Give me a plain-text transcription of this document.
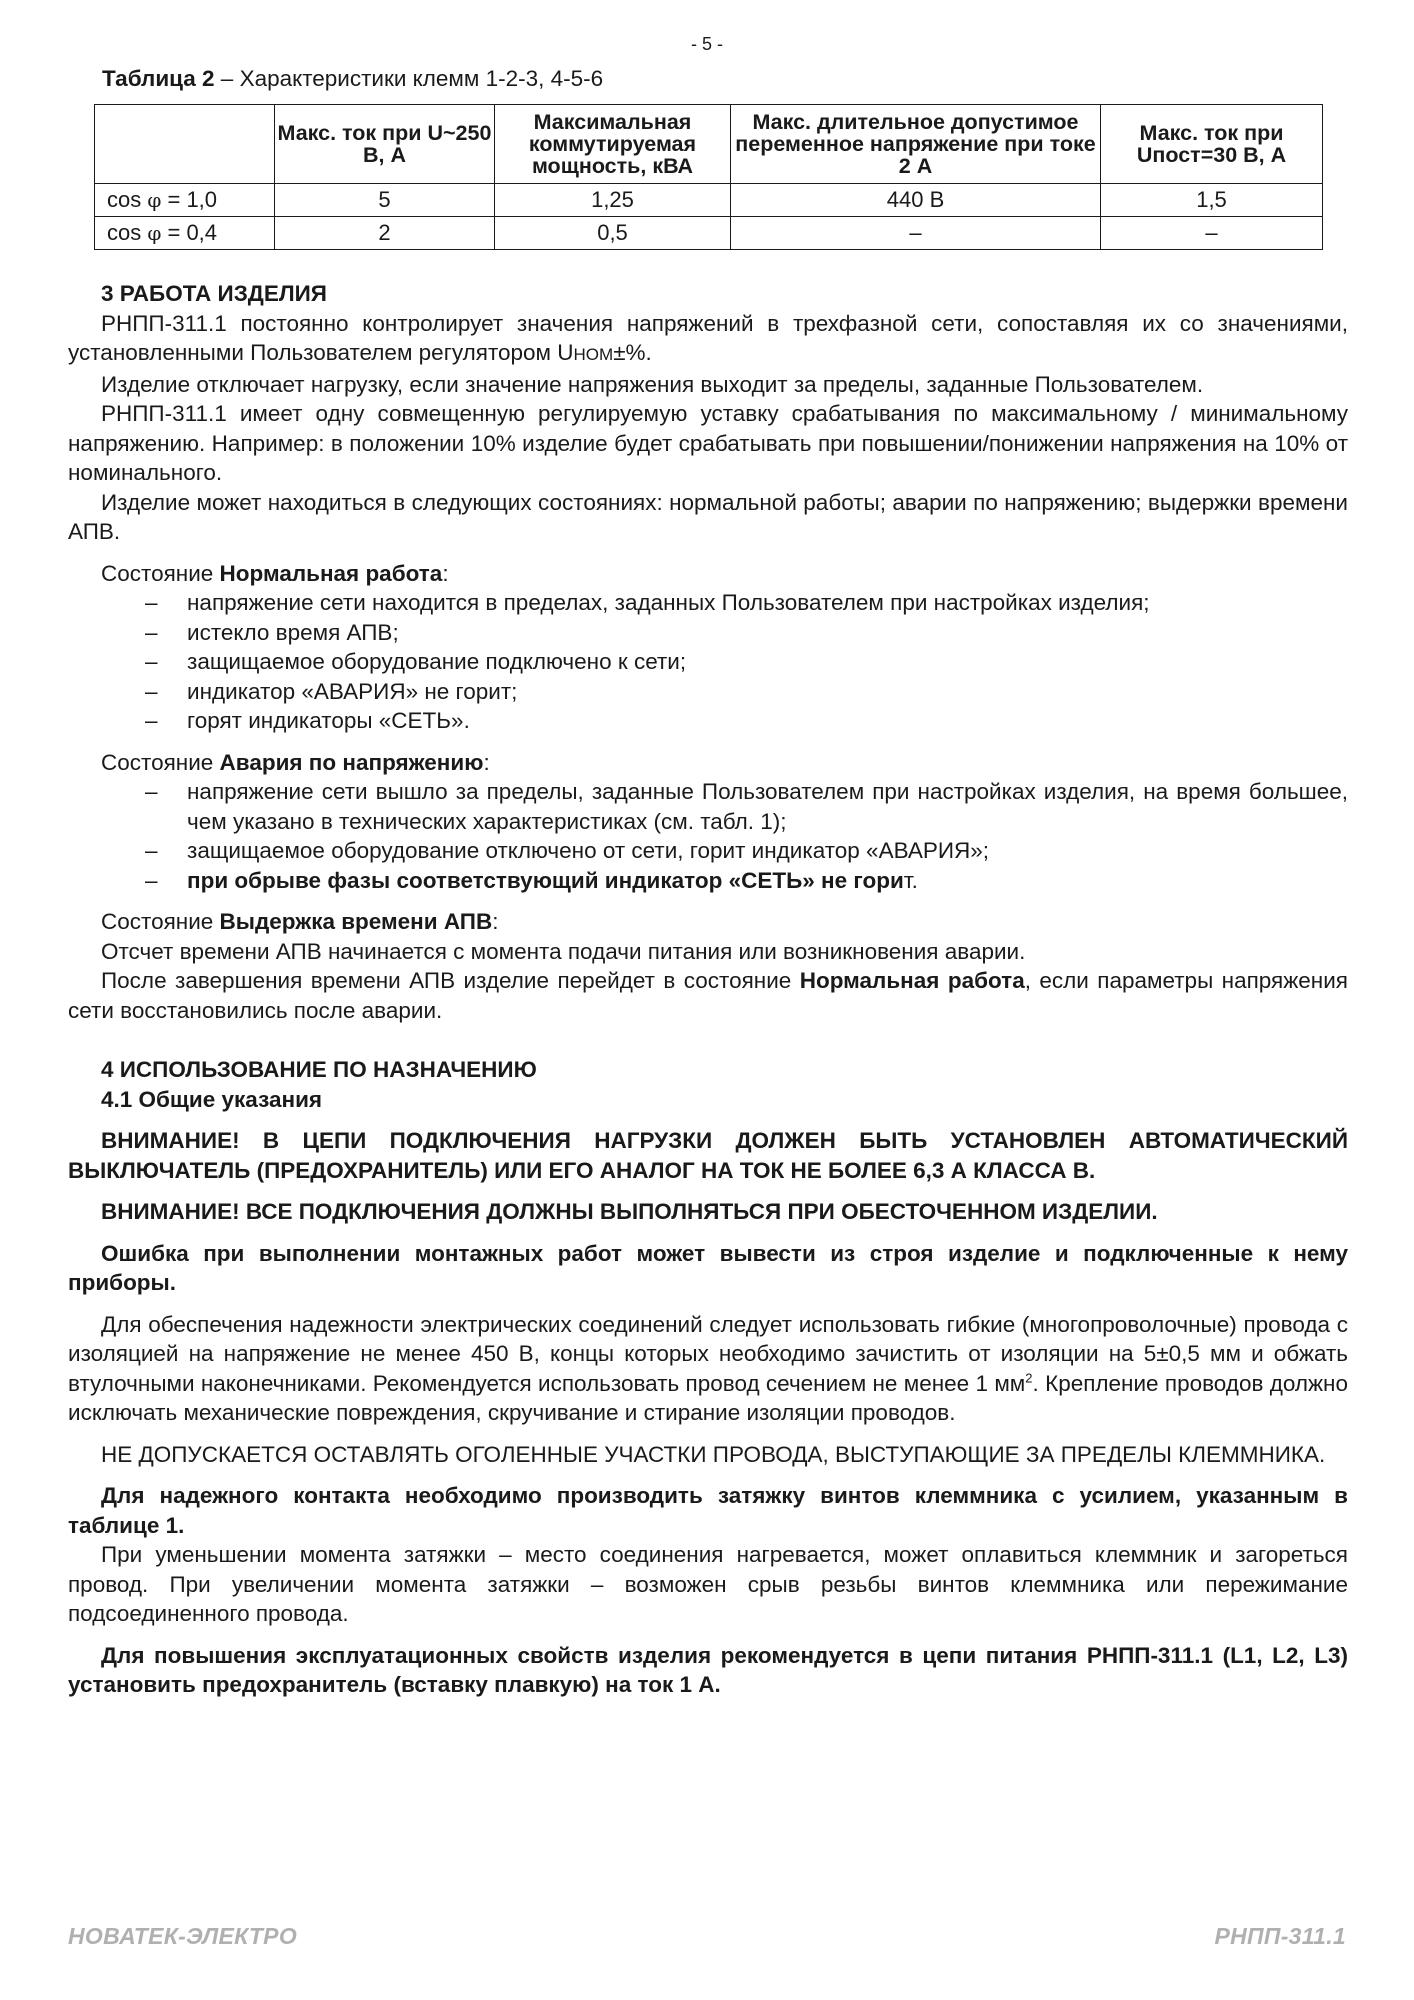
- 5 -
Таблица 2 – Характеристики клемм 1-2-3, 4-5-6
	Макс. ток при U~250 В, А	Максимальная коммутируемая мощность, кВА	Макс. длительное допустимое переменное напряжение при токе 2 А	Макс. ток при Uпост=30 В, А
cos φ = 1,0	5	1,25	440 В	1,5
cos φ = 0,4	2	0,5	–	–

3 РАБОТА ИЗДЕЛИЯ

РНПП-311.1 постоянно контролирует значения напряжений в трехфазной сети, сопоставляя их со значениями, установленными Пользователем регулятором UНОМ±%.

Изделие отключает нагрузку, если значение напряжения выходит за пределы, заданные Пользователем.

РНПП-311.1 имеет одну совмещенную регулируемую уставку срабатывания по максимальному / минимальному напряжению. Например: в положении 10% изделие будет срабатывать при повышении/понижении напряжения на 10% от номинального.

Изделие может находиться в следующих состояниях: нормальной работы; аварии по напряжению; выдержки времени АПВ.

Состояние Нормальная работа:

– напряжение сети находится в пределах, заданных Пользователем при настройках изделия;
– истекло время АПВ;
– защищаемое оборудование подключено к сети;
– индикатор «АВАРИЯ» не горит;
– горят индикаторы «СЕТЬ».

Состояние Авария по напряжению:

– напряжение сети вышло за пределы, заданные Пользователем при настройках изделия, на время большее, чем указано в технических характеристиках (см. табл. 1);
– защищаемое оборудование отключено от сети, горит индикатор «АВАРИЯ»;
– при обрыве фазы соответствующий индикатор «СЕТЬ» не горит.

Состояние Выдержка времени АПВ:

Отсчет времени АПВ начинается с момента подачи питания или возникновения аварии.

После завершения времени АПВ изделие перейдет в состояние Нормальная работа, если параметры напряжения сети восстановились после аварии.

4 ИСПОЛЬЗОВАНИЕ ПО НАЗНАЧЕНИЮ

4.1 Общие указания

ВНИМАНИЕ! В ЦЕПИ ПОДКЛЮЧЕНИЯ НАГРУЗКИ ДОЛЖЕН БЫТЬ УСТАНОВЛЕН АВТОМАТИЧЕСКИЙ ВЫКЛЮЧАТЕЛЬ (ПРЕДОХРАНИТЕЛЬ) ИЛИ ЕГО АНАЛОГ НА ТОК НЕ БОЛЕЕ 6,3 А КЛАССА В.

ВНИМАНИЕ! ВСЕ ПОДКЛЮЧЕНИЯ ДОЛЖНЫ ВЫПОЛНЯТЬСЯ ПРИ ОБЕСТОЧЕННОМ ИЗДЕЛИИ.

Ошибка при выполнении монтажных работ может вывести из строя изделие и подключенные к нему приборы.

Для обеспечения надежности электрических соединений следует использовать гибкие (многопроволочные) провода с изоляцией на напряжение не менее 450 В, концы которых необходимо зачистить от изоляции на 5±0,5 мм и обжать втулочными наконечниками. Рекомендуется использовать провод сечением не менее 1 $мм^2$. Крепление проводов должно исключать механические повреждения, скручивание и стирание изоляции проводов.

НЕ ДОПУСКАЕТСЯ ОСТАВЛЯТЬ ОГОЛЕННЫЕ УЧАСТКИ ПРОВОДА, ВЫСТУПАЮЩИЕ ЗА ПРЕДЕЛЫ КЛЕММНИКА.

Для надежного контакта необходимо производить затяжку винтов клеммника с усилием, указанным в таблице 1.

При уменьшении момента затяжки – место соединения нагревается, может оплавиться клеммник и загореться провод. При увеличении момента затяжки – возможен срыв резьбы винтов клеммника или пережимание подсоединенного провода.

Для повышения эксплуатационных свойств изделия рекомендуется в цепи питания РНПП-311.1 (L1, L2, L3) установить предохранитель (вставку плавкую) на ток 1 А.

НОВАТЕК-ЭЛЕКТРО	РНПП-311.1
